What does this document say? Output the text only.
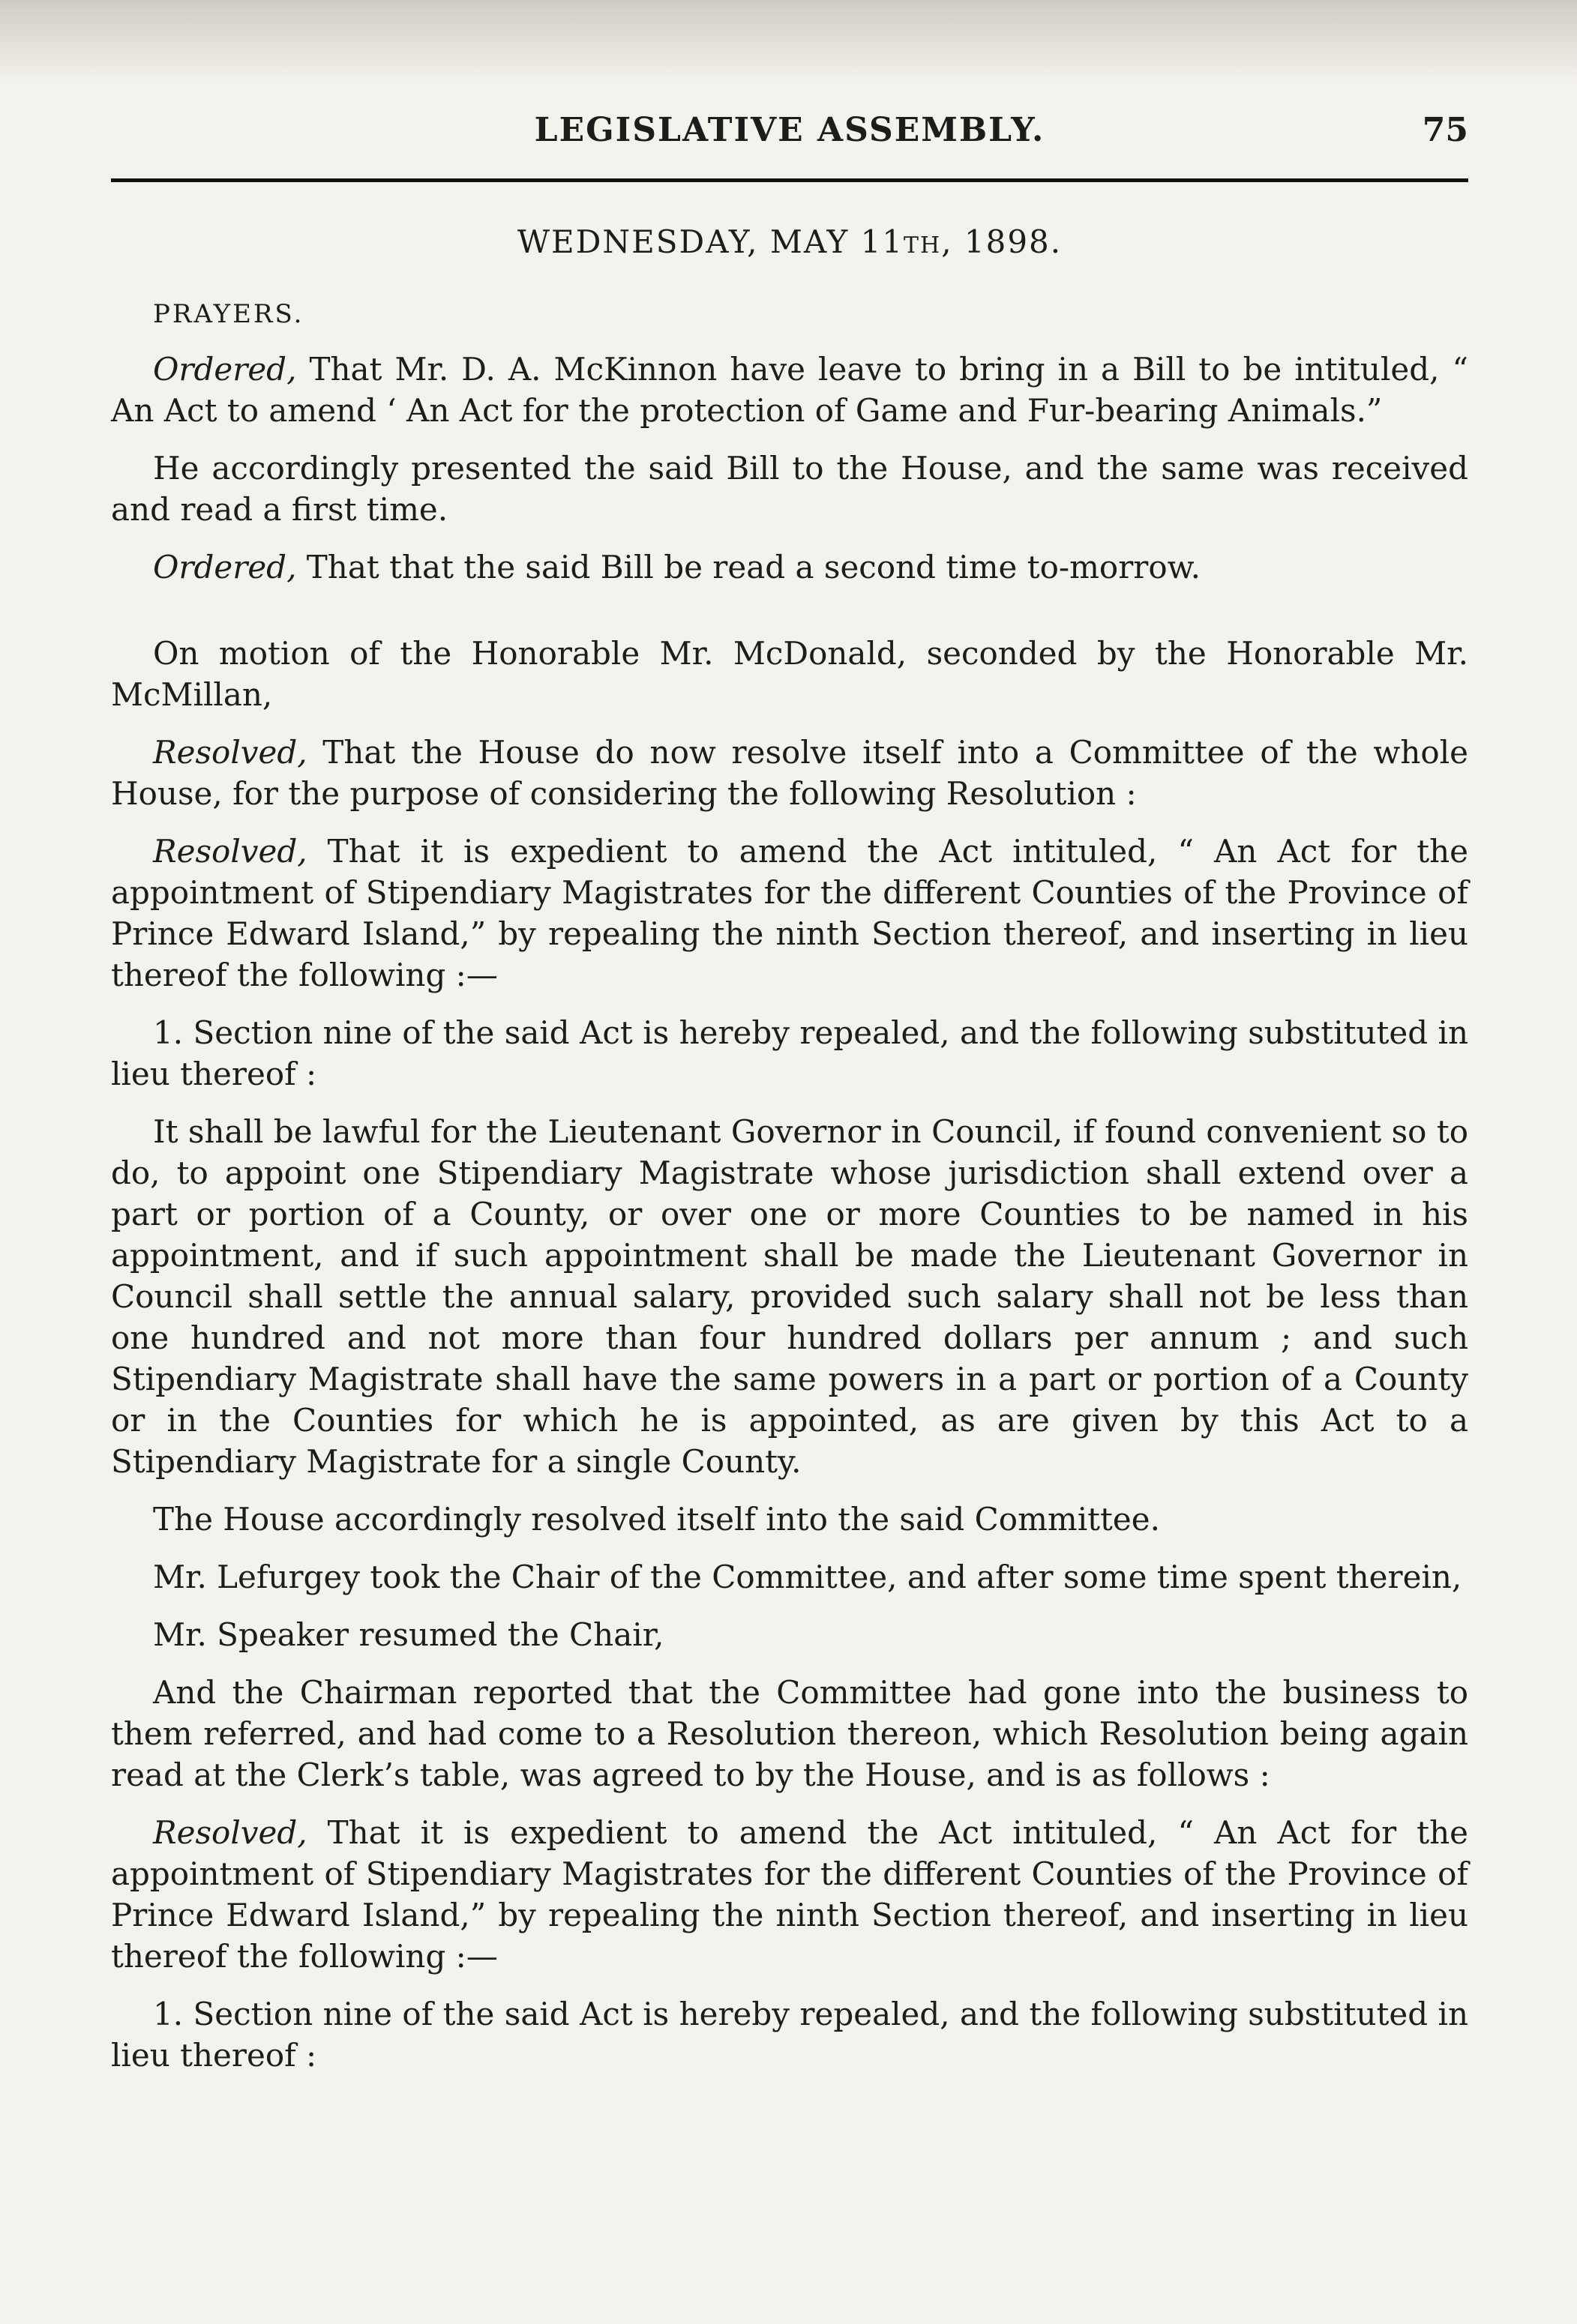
LEGISLATIVE ASSEMBLY.	75
WEDNESDAY, MAY 11TH, 1898.

PRAYERS.

Ordered, That Mr. D. A. McKinnon have leave to bring in a Bill to be intituled, “ An Act to amend ‘ An Act for the protection of Game and Fur-bearing Animals.”

He accordingly presented the said Bill to the House, and the same was received and read a first time.

Ordered, That that the said Bill be read a second time to-morrow.

On motion of the Honorable Mr. McDonald, seconded by the Honorable Mr. McMillan,

Resolved, That the House do now resolve itself into a Committee of the whole House, for the purpose of considering the following Resolution :

Resolved, That it is expedient to amend the Act intituled, “ An Act for the appointment of Stipendiary Magistrates for the different Counties of the Province of Prince Edward Island,” by repealing the ninth Section thereof, and inserting in lieu thereof the following :—

1. Section nine of the said Act is hereby repealed, and the following substituted in lieu thereof :

It shall be lawful for the Lieutenant Governor in Council, if found convenient so to do, to appoint one Stipendiary Magistrate whose jurisdiction shall extend over a part or portion of a County, or over one or more Counties to be named in his appointment, and if such appointment shall be made the Lieutenant Governor in Council shall settle the annual salary, provided such salary shall not be less than one hundred and not more than four hundred dollars per annum ; and such Stipendiary Magistrate shall have the same powers in a part or portion of a County or in the Counties for which he is appointed, as are given by this Act to a Stipendiary Magistrate for a single County.

The House accordingly resolved itself into the said Committee.

Mr. Lefurgey took the Chair of the Committee, and after some time spent therein,

Mr. Speaker resumed the Chair,

And the Chairman reported that the Committee had gone into the business to them referred, and had come to a Resolution thereon, which Resolution being again read at the Clerk’s table, was agreed to by the House, and is as follows :

Resolved, That it is expedient to amend the Act intituled, “ An Act for the appointment of Stipendiary Magistrates for the different Counties of the Province of Prince Edward Island,” by repealing the ninth Section thereof, and inserting in lieu thereof the following :—

1. Section nine of the said Act is hereby repealed, and the following substituted in lieu thereof :
